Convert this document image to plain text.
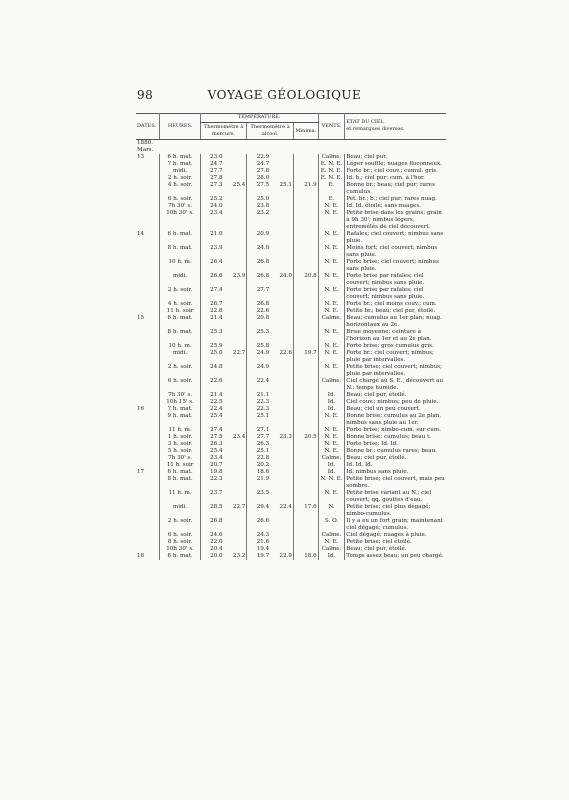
98	VOYAGE GÉOLOGIQUE
DATES.	HEURES.	TEMPÉRATURE.					VENTS.	ÉTAT DU CIEL
et remarques diverses.

		Thermomètre à mercure.		Thermomètre à alcool.		Minima.		
1880.								
Mars.								
13	6 h. mat.	23.0		22.9			Calme.	Beau; ciel pur.
	7 h. mat.	24.7		24.7			E. N. E.	Léger souffle; nuages floconneux.
	midi.	27.7		27.8			E. N. E.	Forte br.; ciel couv.; cumul. gris.
	2 h. soir.	27.8		28.0			E. N. E.	Id. b.; ciel pur; cum. à l'hor.
	4 h. soir.	27.3	25.4	27.5	25.1	21.9	E.	Bonne br.; beau; ciel pur; rares cumulus.
	6 h. soir.	25.2		25.0			E.	Pet. br.; b.; ciel pur; rares nuag.
	7h 30' s.	24.0		23.8			N. E.	Id. Id. étoilé; sans nuages.
	10h 30' s.	23.4		23.2			N. E.	Petite brise dans les grains; grain à 9h 30'; nimbus légers, entremêlés de ciel découvert.
14	6 h. mat.	21.0		20.9			N. E.	Rafales; ciel couvert; nimbus sans pluie.
	8 h. mat.	23.9		24.0			N. E.	Moins fort; ciel couvert; nimbus sans pluie.
	10 h. m.	26.4		26.8			N. E.	Forte brise; ciel couvert; nimbus sans pluie.
	midi.	26.6	23.9	26.8	24.0	20.8	N. E.	Forte brise par rafales; ciel couvert; nimbus sans pluie.
	2 h. soir.	27.4		27.7			N. E.	Forte brise par rafales; ciel couvert; nimbus sans pluie.
	4 h. soir.	26.7		26.8			N. E.	Forte br.; ciel moins couv.; cum.
	11 h. soir	22.8		22.6			N. E.	Petite br.; beau; ciel pur, étoilé.
15	6 h. mat.	21.4		20.8			Calme.	Beau; cumulus au 1er plan; nuag. horizontaux au 2e.
	8 h. mat.	25.3		25.3			N. E.	Brise moyenne; ceinture à l'horizon au 1er et au 2e plan.
	10 h. m.	25.9		25.8			N. E.	Forte brise; gros cumulus gris.
	midi.	25.0	22.7	24.9	22.6	19.7	N. E.	Forte br.; ciel couvert; nimbus; pluie par intervalles.
	2 h. soir.	24.8		24.9			N. E.	Petite brise; ciel couvert; nimbus; pluie par intervalles.
	6 h. soir.	22.6		22.4			Calme.	Ciel chargé au S. E., découvert au N.; temps humide.
	7h 30' s.	21.4		21.1			Id.	Beau; ciel pur, étoilé.
	10h 15' s.	22.5		22.3			Id.	Ciel couv.; nimbus; peu de pluie.
16	7 h. mat.	22.4		22.3			Id.	Beau; ciel un peu couvert.
	9 h. mat.	25.4		25.1			N. E.	Bonne brise; cumulus au 2e plan, nimbus sans pluie au 1er.
	11 h. m.	27.4		27.1			N. E.	Forte brise; nimbo-cum. sur cum.
	1 h. soir.	27.5	23.4	27.7	23.3	20.5	N. E.	Bonne brise; cumulus; beau t.
	3 h. soir.	26.3		26.3			N. E.	Forte brise; Id. Id.
	5 h. soir.	25.4		25.1			N. E.	Bonne br.; cumulus rares; beau.
	7h 30' s.	23.4		22.8			Calme.	Beau; ciel pur, étoilé.
	11 h. soir	20.7		20.2			Id.	Id. Id. Id.
17	6 h. mat.	19.8		18.6			Id.	Id. nimbus sans pluie.
	8 h. mat.	22.3		21.9			N. N. E.	Petite brise; ciel couvert, mais peu sombre.
	11 h. m.	23.7		23.5			N. E.	Petite brise variant au N.; ciel couvert; qq. gouttes d'eau.
	midi.	28.5	22.7	29.4	22.4	17.6	N.	Petite brise; ciel plus dégagé; nimbo-cumulus.
	2 h. soir.	26.8		26.6			S. O.	Il y a eu un fort grain; maintenant ciel dégagé; cumulus.
	6 h. soir.	24.6		24.3			Calme.	Ciel dégagé; nuages à pluie.
	8 h. soir.	22.0		21.6			N. E.	Petite brise; ciel étoilé.
	10h 30' s.	20.4		19.4			Calme.	Beau; ciel pur, étoilé.
18	6 h. mat.	20.0	23.2	19.7	22.9	18.6	Id.	Temps assez beau; un peu chargé.
